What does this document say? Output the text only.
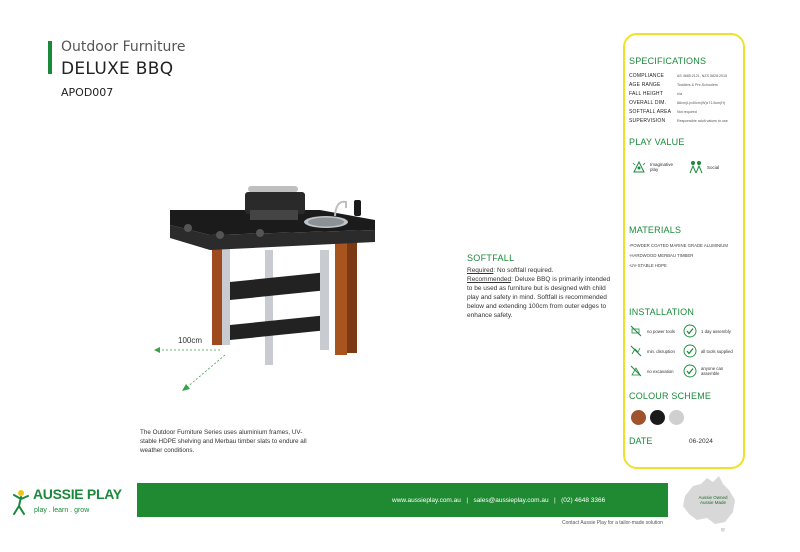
Outdoor Furniture
DELUXE BBQ
APOD007
100cm
SOFTFALL

Required: No softfall required.

Recommended: Deluxe BBQ is primarily intended to be used as furniture but is designed with child play and safety in mind. Softfall is recommended below and extending 100cm from outer edges to enhance safety.

The Outdoor Furniture Series uses aluminium frames, UV-stable HDPE shelving and Merbau timber slats to endure all weather conditions.
SPECIFICATIONS
COMPLIANCE	AS 4685:2121, NZS 5828:2015
AGE RANGE	Toddlers & Pre-Schoolers
FALL HEIGHT	n/a
OVERALL DIM.	88cm(L)x40cm(W)x71.6cm(H)
SOFTFALL AREA Not required
SUPERVISION	Responsible adult values to use
PLAY VALUE
Imaginative play	Social
MATERIALS
-POWDER COATED MARINE GRADE ALUMINIUM
-HARDWOOD MERBAU TIMBER
-UV-STABLE HDPE
INSTALLATION
no power tools	1 day assembly
min. disruption	all tools supplied
no excavation	anyone can assemble
COLOUR SCHEME
DATE	06-2024
AUSSIE PLAY
play . learn . grow
www.aussieplay.com.au | sales@aussieplay.com.au | (02) 4648 3366
Contact Aussie Play for a tailor-made solution
Aussie Owned
Aussie Made
